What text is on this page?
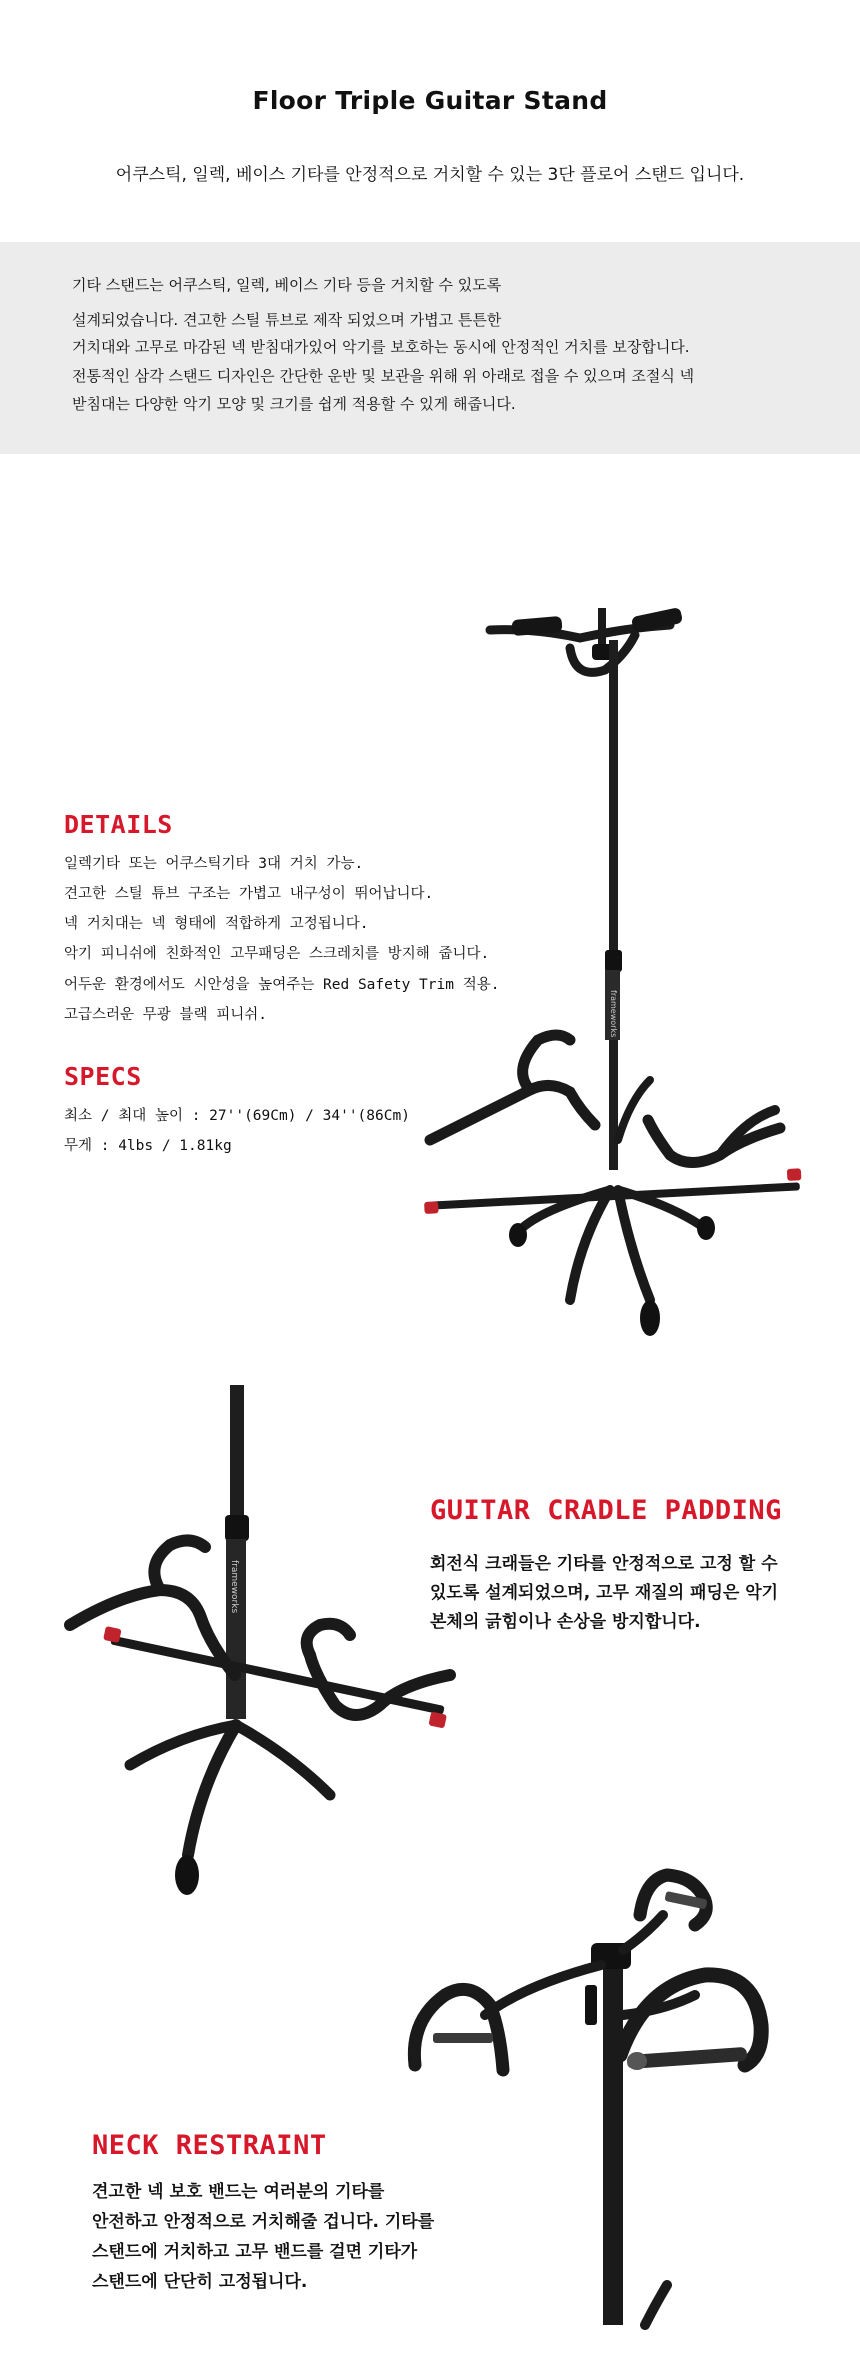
Floor Triple Guitar Stand

어쿠스틱, 일렉, 베이스 기타를 안정적으로 거치할 수 있는 3단 플로어 스탠드 입니다.

기타 스탠드는 어쿠스틱, 일렉, 베이스 기타 등을 거치할 수 있도록

설계되었습니다. 견고한 스틸 튜브로 제작 되었으며 가볍고 튼튼한

거치대와 고무로 마감된 넥 받침대가있어 악기를 보호하는 동시에 안정적인 거치를 보장합니다.

전통적인 삼각 스탠드 디자인은 간단한 운반 및 보관을 위해 위 아래로 접을 수 있으며 조절식 넥

받침대는 다양한 악기 모양 및 크기를 쉽게 적용할 수 있게 해줍니다.

frameworks
DETAILS

일렉기타 또는 어쿠스틱기타 3대 거치 가능.

견고한 스틸 튜브 구조는 가볍고 내구성이 뛰어납니다.

넥 거치대는 넥 형태에 적합하게 고정됩니다.

악기 피니쉬에 친화적인 고무패딩은 스크레치를 방지해 줍니다.

어두운 환경에서도 시안성을 높여주는 Red Safety Trim 적용.

고급스러운 무광 블랙 피니쉬.

SPECS

최소 / 최대 높이 : 27''(69Cm) / 34''(86Cm)

무게 : 4lbs / 1.81kg

frameworks
GUITAR CRADLE PADDING

회전식 크래들은 기타를 안정적으로 고정 할 수

있도록 설계되었으며, 고무 재질의 패딩은 악기

본체의 긁힘이나 손상을 방지합니다.

NECK RESTRAINT

견고한 넥 보호 밴드는 여러분의 기타를

안전하고 안정적으로 거치해줄 겁니다. 기타를

스탠드에 거치하고 고무 밴드를 걸면 기타가

스탠드에 단단히 고정됩니다.
